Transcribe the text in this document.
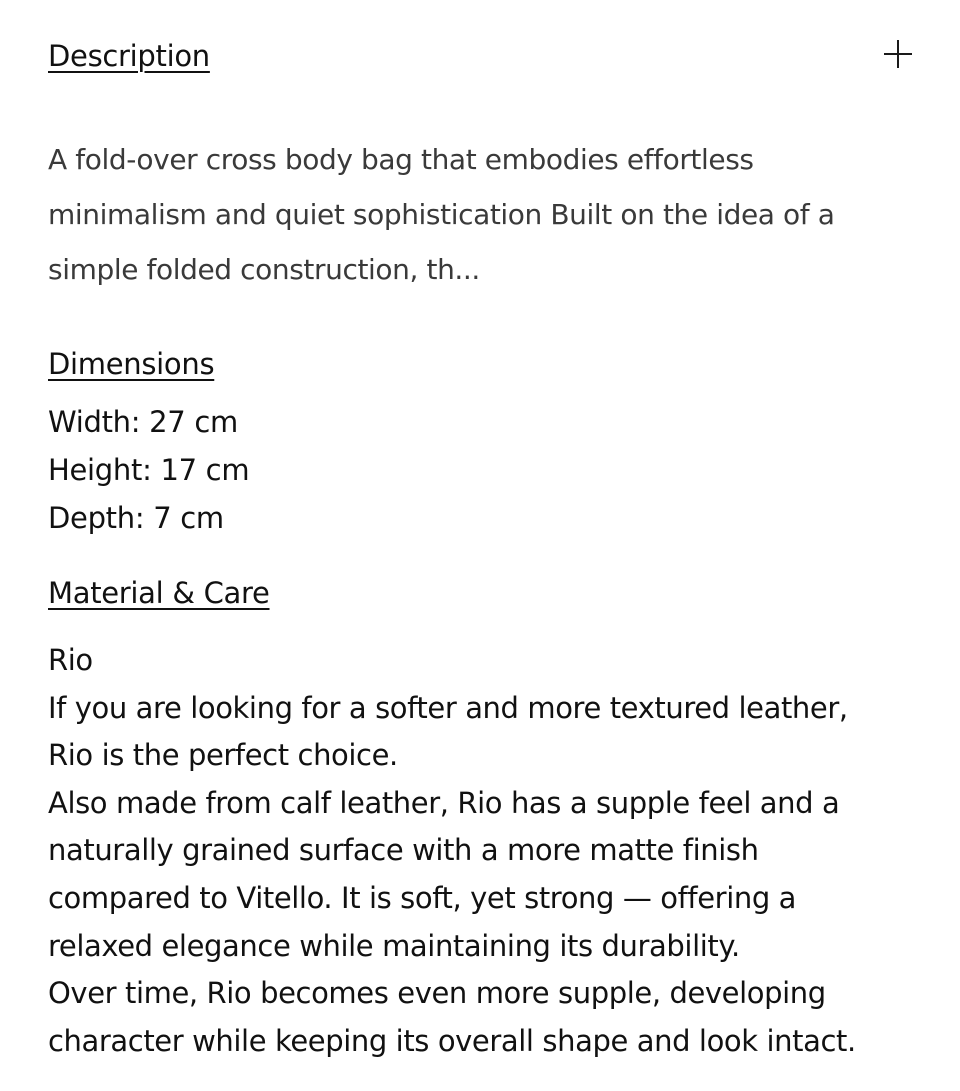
Description
A fold-over cross body bag that embodies effortless minimalism and quiet sophistication Built on the idea of a simple folded construction, th...
Dimensions
Width: 27 cm
Height: 17 cm
Depth: 7 cm
Material & Care

Rio

If you are looking for a softer and more textured leather, Rio is the perfect choice.

Also made from calf leather, Rio has a supple feel and a naturally grained surface with a more matte finish compared to Vitello. It is soft, yet strong — offering a relaxed elegance while maintaining its durability.

Over time, Rio becomes even more supple, developing character while keeping its overall shape and look intact.
